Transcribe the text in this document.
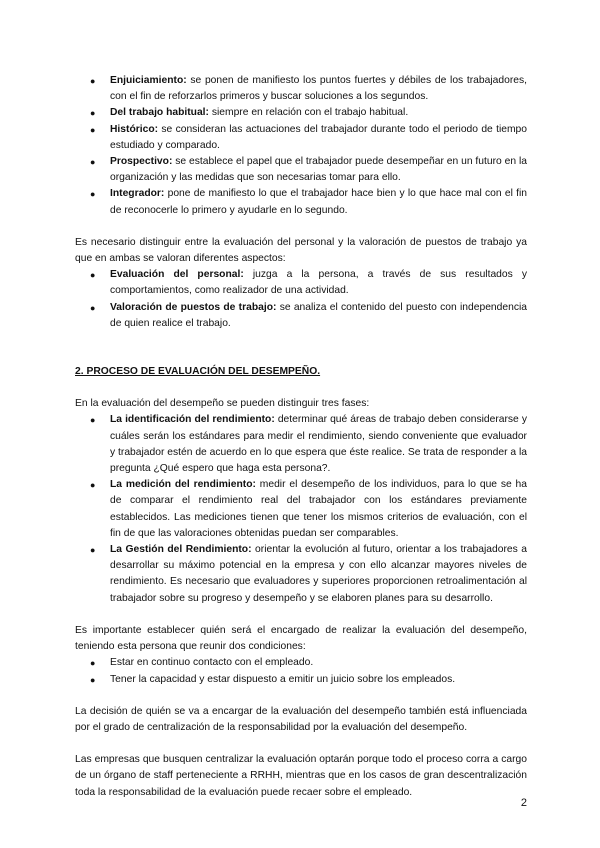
● Enjuiciamiento: se ponen de manifiesto los puntos fuertes y débiles de los trabajadores, con el fin de reforzarlos primeros y buscar soluciones a los segundos.
● Del trabajo habitual: siempre en relación con el trabajo habitual.
● Histórico: se consideran las actuaciones del trabajador durante todo el periodo de tiempo estudiado y comparado.
● Prospectivo: se establece el papel que el trabajador puede desempeñar en un futuro en la organización y las medidas que son necesarias tomar para ello.
● Integrador: pone de manifiesto lo que el trabajador hace bien y lo que hace mal con el fin de reconocerle lo primero y ayudarle en lo segundo.

Es necesario distinguir entre la evaluación del personal y la valoración de puestos de trabajo ya que en ambas se valoran diferentes aspectos:

● Evaluación del personal: juzga a la persona, a través de sus resultados y comportamientos, como realizador de una actividad.
● Valoración de puestos de trabajo: se analiza el contenido del puesto con independencia de quien realice el trabajo.

2. PROCESO DE EVALUACIÓN DEL DESEMPEÑO.

En la evaluación del desempeño se pueden distinguir tres fases:

● La identificación del rendimiento: determinar qué áreas de trabajo deben considerarse y cuáles serán los estándares para medir el rendimiento, siendo conveniente que evaluador y trabajador estén de acuerdo en lo que espera que éste realice. Se trata de responder a la pregunta ¿Qué espero que haga esta persona?.
● La medición del rendimiento: medir el desempeño de los individuos, para lo que se ha de comparar el rendimiento real del trabajador con los estándares previamente establecidos. Las mediciones tienen que tener los mismos criterios de evaluación, con el fin de que las valoraciones obtenidas puedan ser comparables.
● La Gestión del Rendimiento: orientar la evolución al futuro, orientar a los trabajadores a desarrollar su máximo potencial en la empresa y con ello alcanzar mayores niveles de rendimiento. Es necesario que evaluadores y superiores proporcionen retroalimentación al trabajador sobre su progreso y desempeño y se elaboren planes para su desarrollo.

Es importante establecer quién será el encargado de realizar la evaluación del desempeño, teniendo esta persona que reunir dos condiciones:

● Estar en continuo contacto con el empleado.
● Tener la capacidad y estar dispuesto a emitir un juicio sobre los empleados.

La decisión de quién se va a encargar de la evaluación del desempeño también está influenciada por el grado de centralización de la responsabilidad por la evaluación del desempeño.

Las empresas que busquen centralizar la evaluación optarán porque todo el proceso corra a cargo de un órgano de staff perteneciente a RRHH, mientras que en los casos de gran descentralización toda la responsabilidad de la evaluación puede recaer sobre el empleado.

2
